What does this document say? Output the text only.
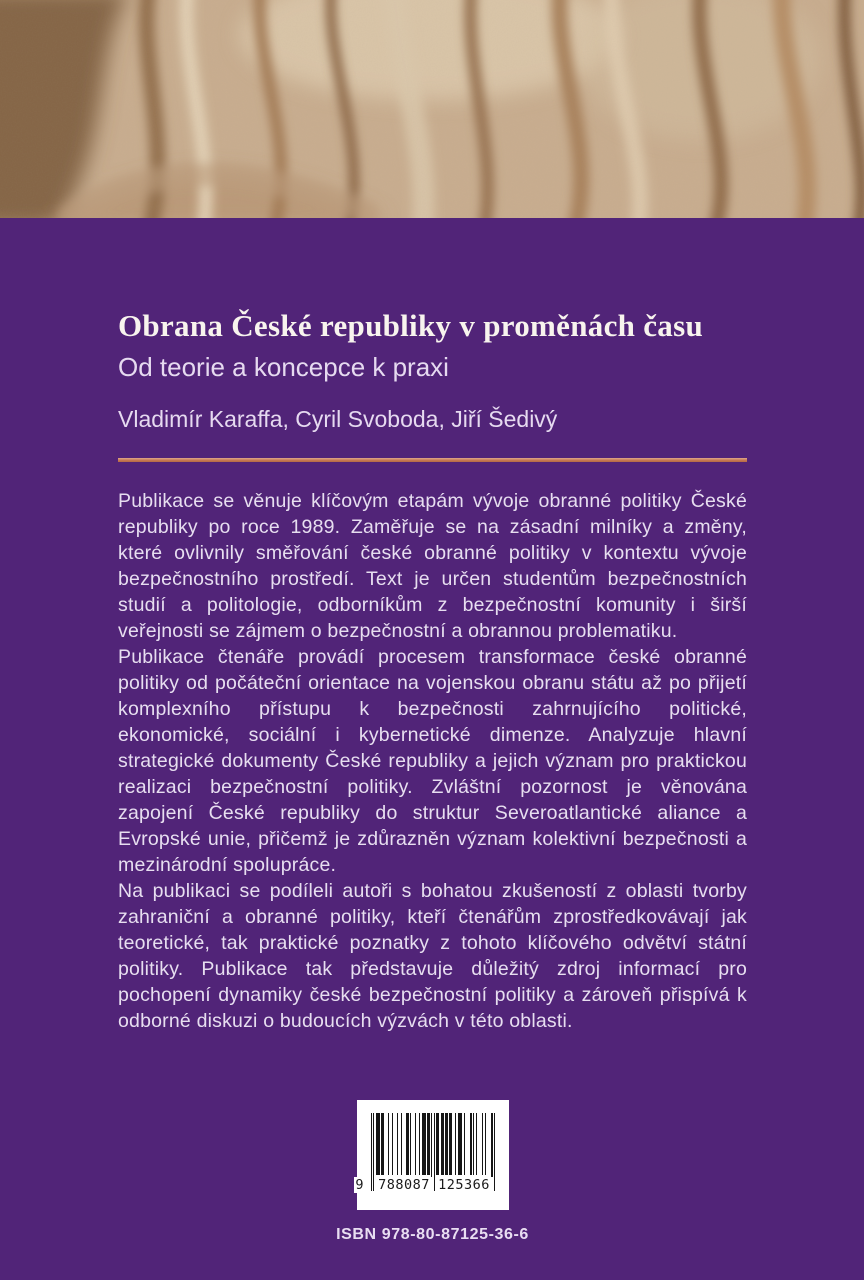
Obrana České republiky v proměnách času
Od teorie a koncepce k praxi
Vladimír Karaffa, Cyril Svoboda, Jiří Šedivý

Publikace se věnuje klíčovým etapám vývoje obranné politiky České republiky po roce 1989. Zaměřuje se na zásadní milníky a změny, které ovlivnily směřování české obranné politiky v kontextu vývoje bezpečnostního prostředí. Text je určen studentům bezpečnostních studií a politologie, odborníkům z bezpečnostní komunity i širší veřejnosti se zájmem o bezpečnostní a obrannou problematiku.

Publikace čtenáře provádí procesem transformace české obranné politiky od počáteční orientace na vojenskou obranu státu až po přijetí komplexního přístupu k bezpečnosti zahrnujícího politické, ekonomické, sociální i kybernetické dimenze. Analyzuje hlavní strategické dokumenty České republiky a jejich význam pro praktickou realizaci bezpečnostní politiky. Zvláštní pozornost je věnována zapojení České republiky do struktur Severoatlantické aliance a Evropské unie, přičemž je zdůrazněn význam kolektivní bezpečnosti a mezinárodní spolupráce.

Na publikaci se podíleli autoři s bohatou zkušeností z oblasti tvorby zahraniční a obranné politiky, kteří čtenářům zprostředkovávají jak teoretické, tak praktické poznatky z tohoto klíčového odvětví státní politiky. Publikace tak představuje důležitý zdroj informací pro pochopení dynamiky české bezpečnostní politiky a zároveň přispívá k odborné diskuzi o budoucích výzvách v této oblasti.

9 788087 125366
ISBN 978-80-87125-36-6
